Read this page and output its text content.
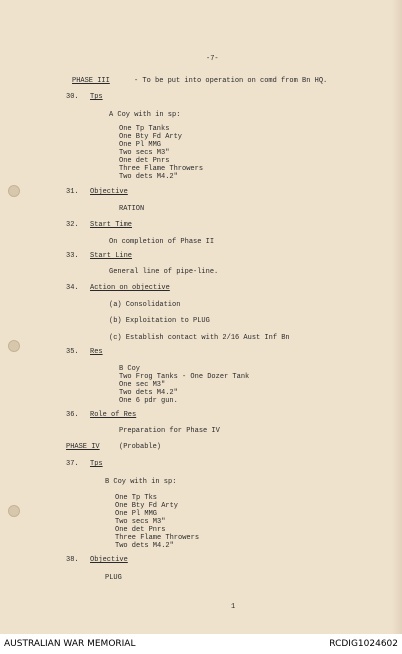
-7-
PHASE III	- To be put into operation on comd from Bn HQ.
30. Tps
A Coy with in sp:
One Tp Tanks
One Bty Fd Arty
One Pl MMG
Two secs M3"
One det Pnrs
Three Flame Throwers
Two dets M4.2"
31. Objective
RATION
32. Start Time
On completion of Phase II
33. Start Line
General line of pipe-line.
34. Action on objective
(a) Consolidation
(b) Exploitation to PLUG
(c) Establish contact with 2/16 Aust Inf Bn
35. Res
B Coy
Two Frog Tanks - One Dozer Tank
One sec M3"
Two dets M4.2"
One 6 pdr gun.
36. Role of Res
Preparation for Phase IV
PHASE IV	(Probable)
37. Tps
B Coy with in sp:
One Tp Tks
One Bty Fd Arty
One Pl MMG
Two secs M3"
One det Pnrs
Three Flame Throwers
Two dets M4.2"
38. Objective
PLUG
1
AUSTRALIAN WAR MEMORIAL	RCDIG1024602
